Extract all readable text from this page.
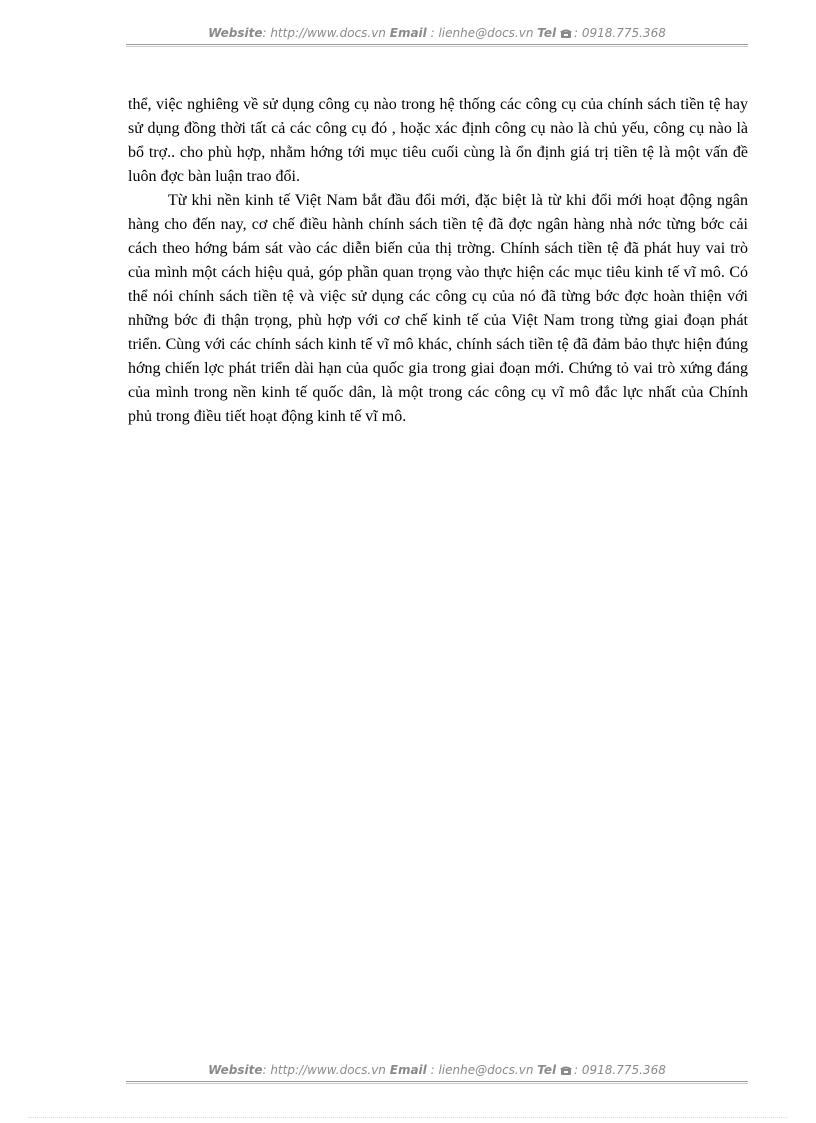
Website: http://www.docs.vn Email : lienhe@docs.vn Tel : 0918.775.368

thể, việc nghiêng về sử dụng công cụ nào trong hệ thống các công cụ của chính sách tiền tệ hay sử dụng đồng thời tất cả các công cụ đó , hoặc xác định công cụ nào là chủ yếu, công cụ nào là bổ trợ.. cho phù hợp, nhằm hớng tới mục tiêu cuối cùng là ổn định giá trị tiền tệ là một vấn đề luôn đợc bàn luận trao đổi.

Từ khi nền kinh tế Việt Nam bắt đầu đổi mới, đặc biệt là từ khi đổi mới hoạt động ngân hàng cho đến nay, cơ chế điều hành chính sách tiền tệ đã đợc ngân hàng nhà nớc từng bớc cải cách theo hớng bám sát vào các diễn biến của thị trờng. Chính sách tiền tệ đã phát huy vai trò của mình một cách hiệu quả, góp phần quan trọng vào thực hiện các mục tiêu kinh tế vĩ mô. Có thể nói chính sách tiền tệ và việc sử dụng các công cụ của nó đã từng bớc đợc hoàn thiện với những bớc đi thận trọng, phù hợp với cơ chế kinh tế của Việt Nam trong từng giai đoạn phát triển. Cùng với các chính sách kinh tế vĩ mô khác, chính sách tiền tệ đã đảm bảo thực hiện đúng hớng chiến lợc phát triển dài hạn của quốc gia trong giai đoạn mới. Chứng tỏ vai trò xứng đáng của mình trong nền kinh tế quốc dân, là một trong các công cụ vĩ mô đắc lực nhất của Chính phủ trong điều tiết hoạt động kinh tế vĩ mô.

Website: http://www.docs.vn Email : lienhe@docs.vn Tel : 0918.775.368
